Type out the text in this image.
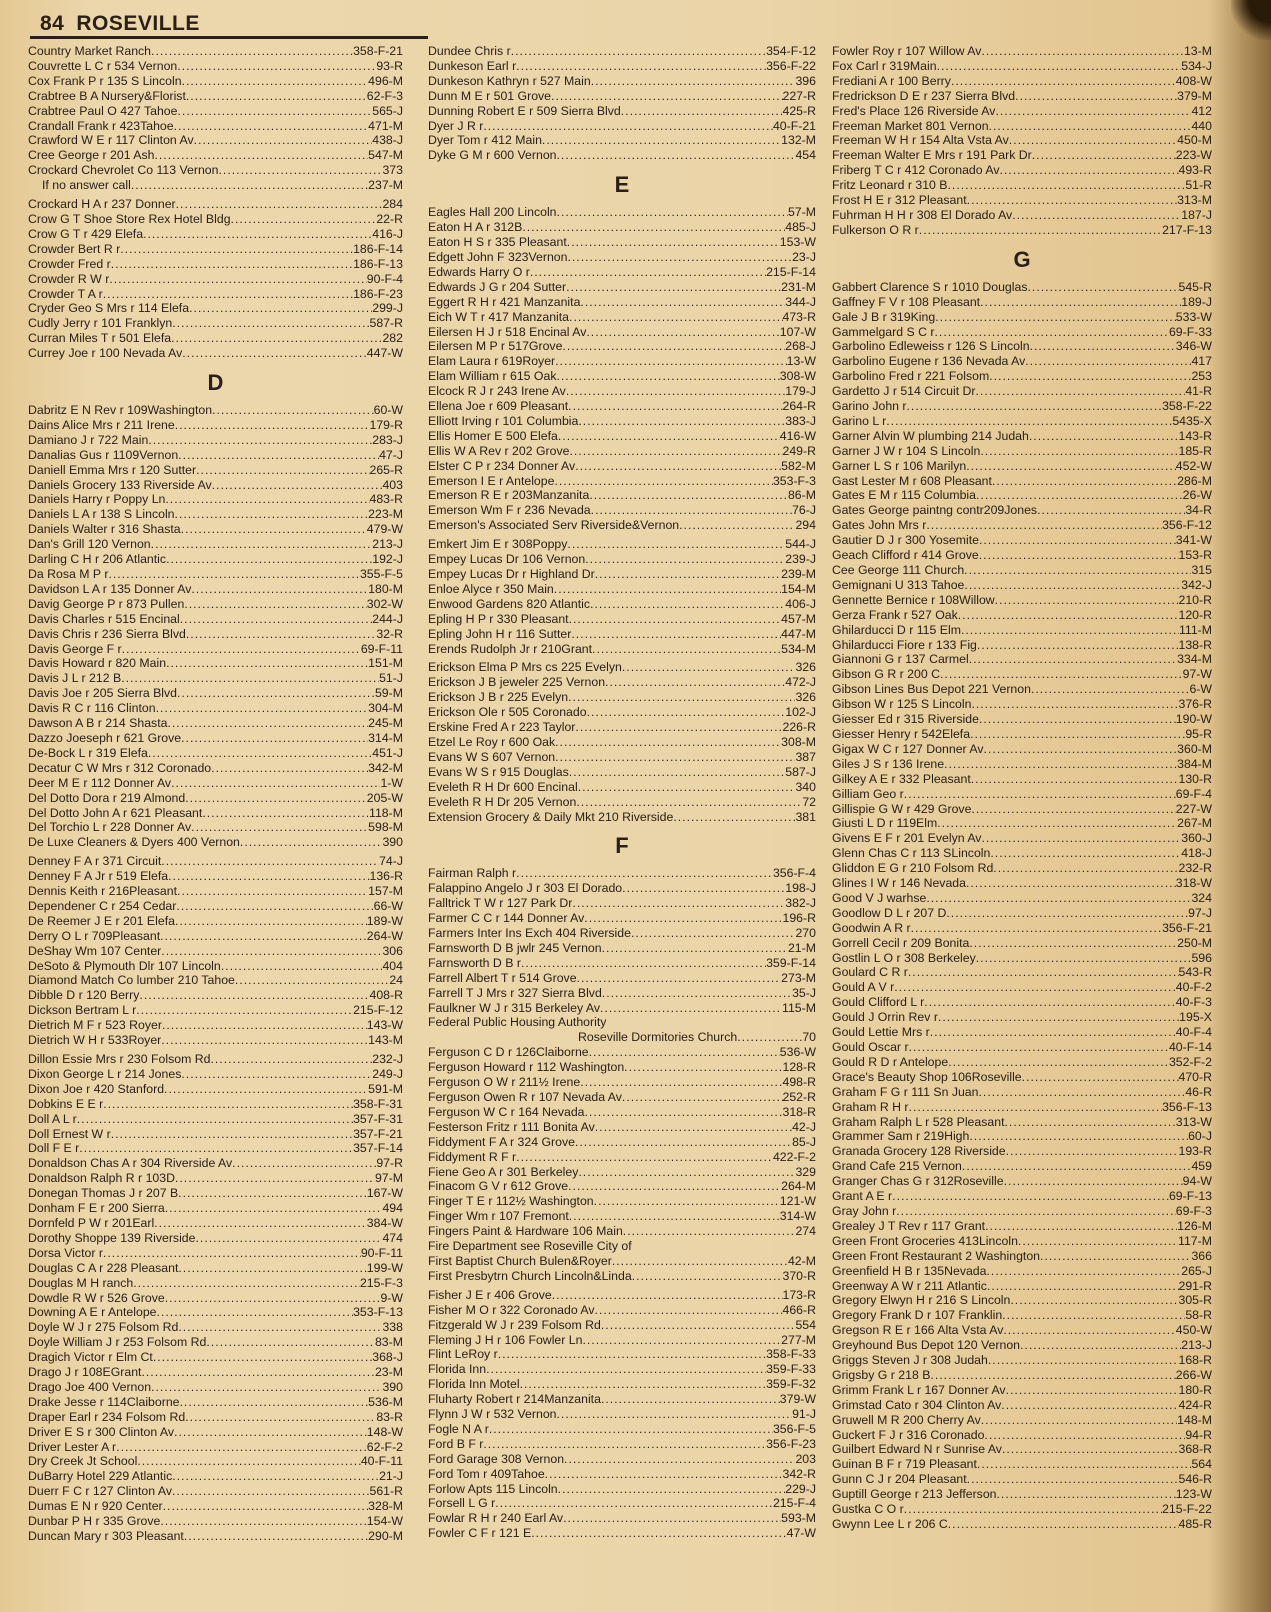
84 ROSEVILLE
Country Market Ranch .....	358-F-21
Couvrette L C r 534 Vernon .....	93-R
Cox Frank P r 135 S Lincoln .....	496-M
Crabtree B A Nursery&Florist .....	62-F-3
Crabtree Paul O 427 Tahoe .....	565-J
Crandall Frank r 423Tahoe .....	471-M
Crawford W E r 117 Clinton Av .....	438-J
Cree George r 201 Ash .....	547-M
Crockard Chevrolet Co 113 Vernon .....	373
If no answer call .....	237-M
Crockard H A r 237 Donner .....	284
Crow G T Shoe Store Rex Hotel Bldg .....	22-R
Crow G T r 429 Elefa .....	416-J
Crowder Bert R r .....	186-F-14
Crowder Fred r .....	186-F-13
Crowder R W r .....	90-F-4
Crowder T A r .....	186-F-23
Cryder Geo S Mrs r 114 Elefa .....	299-J
Cudly Jerry r 101 Franklyn .....	587-R
Curran Miles T r 501 Elefa .....	282
Currey Joe r 100 Nevada Av .....	447-W
D
Dabritz E N Rev r 109Washington .....	60-W
Dains Alice Mrs r 211 Irene .....	179-R
Damiano J r 722 Main .....	283-J
Danalias Gus r 1109Vernon .....	47-J
Daniell Emma Mrs r 120 Sutter .....	265-R
Daniels Grocery 133 Riverside Av .....	403
Daniels Harry r Poppy Ln .....	483-R
Daniels L A r 138 S Lincoln .....	223-M
Daniels Walter r 316 Shasta .....	479-W
Dan's Grill 120 Vernon .....	213-J
Darling C H r 206 Atlantic .....	192-J
Da Rosa M P r .....	355-F-5
Davidson L A r 135 Donner Av .....	180-M
Davig George P r 873 Pullen .....	302-W
Davis Charles r 515 Encinal .....	244-J
Davis Chris r 236 Sierra Blvd .....	32-R
Davis George F r .....	69-F-11
Davis Howard r 820 Main .....	151-M
Davis J L r 212 B .....	51-J
Davis Joe r 205 Sierra Blvd .....	59-M
Davis R C r 116 Clinton .....	304-M
Dawson A B r 214 Shasta .....	245-M
Dazzo Joeseph r 621 Grove .....	314-M
De-Bock L r 319 Elefa .....	451-J
Decatur C W Mrs r 312 Coronado .....	342-M
Deer M E r 112 Donner Av .....	1-W
Del Dotto Dora r 219 Almond .....	205-W
Del Dotto John A r 621 Pleasant .....	118-M
Del Torchio L r 228 Donner Av .....	598-M
De Luxe Cleaners & Dyers 400 Vernon .....	390
Denney F A r 371 Circuit .....	74-J
Denney F A Jr r 519 Elefa .....	136-R
Dennis Keith r 216Pleasant .....	157-M
Dependener C r 254 Cedar .....	66-W
De Reemer J E r 201 Elefa .....	189-W
Derry O L r 709Pleasant .....	264-W
DeShay Wm 107 Center .....	306
DeSoto & Plymouth Dlr 107 Lincoln .....	404
Diamond Match Co lumber 210 Tahoe .....	24
Dibble D r 120 Berry .....	408-R
Dickson Bertram L r .....	215-F-12
Dietrich M F r 523 Royer .....	143-W
Dietrich W H r 533Royer .....	143-M
Dillon Essie Mrs r 230 Folsom Rd .....	232-J
Dixon George L r 214 Jones .....	249-J
Dixon Joe r 420 Stanford .....	591-M
Dobkins E E r .....	358-F-31
Doll A L r .....	357-F-31
Doll Ernest W r .....	357-F-21
Doll F E r .....	357-F-14
Donaldson Chas A r 304 Riverside Av .....	97-R
Donaldson Ralph R r 103D .....	97-M
Donegan Thomas J r 207 B .....	167-W
Donham F E r 200 Sierra .....	494
Dornfeld P W r 201Earl .....	384-W
Dorothy Shoppe 139 Riverside .....	474
Dorsa Victor r .....	90-F-11
Douglas C A r 228 Pleasant .....	199-W
Douglas M H ranch .....	215-F-3
Dowdle R W r 526 Grove .....	9-W
Downing A E r Antelope .....	353-F-13
Doyle W J r 275 Folsom Rd .....	338
Doyle William J r 253 Folsom Rd .....	83-M
Dragich Victor r Elm Ct .....	368-J
Drago J r 108EGrant .....	23-M
Drago Joe 400 Vernon .....	390
Drake Jesse r 114Claiborne .....	536-M
Draper Earl r 234 Folsom Rd .....	83-R
Driver E S r 300 Clinton Av .....	148-W
Driver Lester A r .....	62-F-2
Dry Creek Jt School .....	40-F-11
DuBarry Hotel 229 Atlantic .....	21-J
Duerr F C r 127 Clinton Av .....	561-R
Dumas E N r 920 Center .....	328-M
Dunbar P H r 335 Grove .....	154-W
Duncan Mary r 303 Pleasant .....	290-M
Dundee Chris r .....	354-F-12
Dunkeson Earl r .....	356-F-22
Dunkeson Kathryn r 527 Main .....	396
Dunn M E r 501 Grove .....	227-R
Dunning Robert E r 509 Sierra Blvd .....	425-R
Dyer J R r .....	40-F-21
Dyer Tom r 412 Main .....	132-M
Dyke G M r 600 Vernon .....	454
E
Eagles Hall 200 Lincoln .....	57-M
Eaton H A r 312B .....	485-J
Eaton H S r 335 Pleasant .....	153-W
Edgett John F 323Vernon .....	23-J
Edwards Harry O r .....	215-F-14
Edwards J G r 204 Sutter .....	231-M
Eggert R H r 421 Manzanita .....	344-J
Eich W T r 417 Manzanita .....	473-R
Eilersen H J r 518 Encinal Av .....	107-W
Eilersen M P r 517Grove .....	268-J
Elam Laura r 619Royer .....	13-W
Elam William r 615 Oak .....	308-W
Elcock R J r 243 Irene Av .....	179-J
Ellena Joe r 609 Pleasant .....	264-R
Elliott Irving r 101 Columbia .....	383-J
Ellis Homer E 500 Elefa .....	416-W
Ellis W A Rev r 202 Grove .....	249-R
Elster C P r 234 Donner Av .....	582-M
Emerson I E r Antelope .....	353-F-3
Emerson R E r 203Manzanita .....	86-M
Emerson Wm F r 236 Nevada .....	76-J
Emerson's Associated Serv Riverside&Vernon .....	294
Emkert Jim E r 308Poppy .....	544-J
Empey Lucas Dr 106 Vernon .....	239-J
Empey Lucas Dr r Highland Dr .....	239-M
Enloe Alyce r 350 Main .....	154-M
Enwood Gardens 820 Atlantic .....	406-J
Epling H P r 330 Pleasant .....	457-M
Epling John H r 116 Sutter .....	447-M
Erends Rudolph Jr r 210Grant .....	534-M
Erickson Elma P Mrs cs 225 Evelyn .....	326
Erickson J B jeweler 225 Vernon .....	472-J
Erickson J B r 225 Evelyn .....	326
Erickson Ole r 505 Coronado .....	102-J
Erskine Fred A r 223 Taylor .....	226-R
Etzel Le Roy r 600 Oak .....	308-M
Evans W S 607 Vernon .....	387
Evans W S r 915 Douglas .....	587-J
Eveleth R H Dr 600 Encinal .....	340
Eveleth R H Dr 205 Vernon .....	72
Extension Grocery & Daily Mkt 210 Riverside .....	381
F
Fairman Ralph r .....	356-F-4
Falappino Angelo J r 303 El Dorado .....	198-J
Falltrick T W r 127 Park Dr .....	382-J
Farmer C C r 144 Donner Av .....	196-R
Farmers Inter Ins Exch 404 Riverside .....	270
Farnsworth D B jwlr 245 Vernon .....	21-M
Farnsworth D B r .....	359-F-14
Farrell Albert T r 514 Grove .....	273-M
Farrell T J Mrs r 327 Sierra Blvd .....	35-J
Faulkner W J r 315 Berkeley Av .....	115-M
Federal Public Housing Authority
Roseville Dormitories Church .....	70
Ferguson C D r 126Claiborne .....	536-W
Ferguson Howard r 112 Washington .....	128-R
Ferguson O W r 211½ Irene .....	498-R
Ferguson Owen R r 107 Nevada Av .....	252-R
Ferguson W C r 164 Nevada .....	318-R
Festerson Fritz r 111 Bonita Av .....	42-J
Fiddyment F A r 324 Grove .....	85-J
Fiddyment R F r .....	422-F-2
Fiene Geo A r 301 Berkeley .....	329
Finacom G V r 612 Grove .....	264-M
Finger T E r 112½ Washington .....	121-W
Finger Wm r 107 Fremont .....	314-W
Fingers Paint & Hardware 106 Main .....	274
Fire Department see Roseville City of
First Baptist Church Bulen&Royer .....	42-M
First Presbytrn Church Lincoln&Linda .....	370-R
Fisher J E r 406 Grove .....	173-R
Fisher M O r 322 Coronado Av .....	466-R
Fitzgerald W J r 239 Folsom Rd .....	554
Fleming J H r 106 Fowler Ln .....	277-M
Flint LeRoy r .....	358-F-33
Florida Inn .....	359-F-33
Florida Inn Motel .....	359-F-32
Fluharty Robert r 214Manzanita .....	379-W
Flynn J W r 532 Vernon .....	91-J
Fogle N A r .....	356-F-5
Ford B F r .....	356-F-23
Ford Garage 308 Vernon .....	203
Ford Tom r 409Tahoe .....	342-R
Forlow Apts 115 Lincoln .....	229-J
Forsell L G r .....	215-F-4
Fowlar R H r 240 Earl Av .....	593-M
Fowler C F r 121 E .....	47-W
Fowler Roy r 107 Willow Av .....	13-M
Fox Carl r 319Main .....	534-J
Frediani A r 100 Berry .....	408-W
Fredrickson D E r 237 Sierra Blvd .....	379-M
Fred's Place 126 Riverside Av .....	412
Freeman Market 801 Vernon .....	440
Freeman W H r 154 Alta Vsta Av .....	450-M
Freeman Walter E Mrs r 191 Park Dr .....	223-W
Friberg T C r 412 Coronado Av .....	493-R
Fritz Leonard r 310 B .....	51-R
Frost H E r 312 Pleasant .....	313-M
Fuhrman H H r 308 El Dorado Av .....	187-J
Fulkerson O R r .....	217-F-13
G
Gabbert Clarence S r 1010 Douglas .....	545-R
Gaffney F V r 108 Pleasant .....	189-J
Gale J B r 319King .....	533-W
Gammelgard S C r .....	69-F-33
Garbolino Edleweiss r 126 S Lincoln .....	346-W
Garbolino Eugene r 136 Nevada Av .....	417
Garbolino Fred r 221 Folsom .....	253
Gardetto J r 514 Circuit Dr .....	41-R
Garino John r .....	358-F-22
Garino L r .....	5435-X
Garner Alvin W plumbing 214 Judah .....	143-R
Garner J W r 104 S Lincoln .....	185-R
Garner L S r 106 Marilyn .....	452-W
Gast Lester M r 608 Pleasant .....	286-M
Gates E M r 115 Columbia .....	26-W
Gates George paintng contr209Jones .....	34-R
Gates John Mrs r .....	356-F-12
Gautier D J r 300 Yosemite .....	341-W
Geach Clifford r 414 Grove .....	153-R
Cee George 111 Church .....	315
Gemignani U 313 Tahoe .....	342-J
Gennette Bernice r 108Willow .....	210-R
Gerza Frank r 527 Oak .....	120-R
Ghilarducci D r 115 Elm .....	111-M
Ghilarducci Fiore r 133 Fig .....	138-R
Giannoni G r 137 Carmel .....	334-M
Gibson G R r 200 C .....	97-W
Gibson Lines Bus Depot 221 Vernon .....	6-W
Gibson W r 125 S Lincoln .....	376-R
Giesser Ed r 315 Riverside .....	190-W
Giesser Henry r 542Elefa .....	95-R
Gigax W C r 127 Donner Av .....	360-M
Giles J S r 136 Irene .....	384-M
Gilkey A E r 332 Pleasant .....	130-R
Gilliam Geo r .....	69-F-4
Gillispie G W r 429 Grove .....	227-W
Giusti L D r 119Elm .....	267-M
Givens E F r 201 Evelyn Av .....	360-J
Glenn Chas C r 113 SLincoln .....	418-J
Gliddon E G r 210 Folsom Rd .....	232-R
Glines I W r 146 Nevada .....	318-W
Good V J warhse .....	324
Goodlow D L r 207 D .....	97-J
Goodwin A R r .....	356-F-21
Gorrell Cecil r 209 Bonita .....	250-M
Gostlin L O r 308 Berkeley .....	596
Goulard C R r .....	543-R
Gould A V r .....	40-F-2
Gould Clifford L r .....	40-F-3
Gould J Orrin Rev r .....	195-X
Gould Lettie Mrs r .....	40-F-4
Gould Oscar r .....	40-F-14
Gould R D r Antelope .....	352-F-2
Grace's Beauty Shop 106Roseville .....	470-R
Graham F G r 111 Sn Juan .....	46-R
Graham R H r .....	356-F-13
Graham Ralph L r 528 Pleasant .....	313-W
Grammer Sam r 219High .....	60-J
Granada Grocery 128 Riverside .....	193-R
Grand Cafe 215 Vernon .....	459
Granger Chas G r 312Roseville .....	94-W
Grant A E r .....	69-F-13
Gray John r .....	69-F-3
Grealey J T Rev r 117 Grant .....	126-M
Green Front Groceries 413Lincoln .....	117-M
Green Front Restaurant 2 Washington .....	366
Greenfield H B r 135Nevada .....	265-J
Greenway A W r 211 Atlantic .....	291-R
Gregory Elwyn H r 216 S Lincoln .....	305-R
Gregory Frank D r 107 Franklin .....	58-R
Gregson R E r 166 Alta Vsta Av .....	450-W
Greyhound Bus Depot 120 Vernon .....	213-J
Griggs Steven J r 308 Judah .....	168-R
Grigsby G r 218 B .....	266-W
Grimm Frank L r 167 Donner Av .....	180-R
Grimstad Cato r 304 Clinton Av .....	424-R
Gruwell M R 200 Cherry Av .....	148-M
Guckert F J r 316 Coronado .....	94-R
Guilbert Edward N r Sunrise Av .....	368-R
Guinan B F r 719 Pleasant .....	564
Gunn C J r 204 Pleasant .....	546-R
Guptill George r 213 Jefferson .....	123-W
Gustka C O r .....	215-F-22
Gwynn Lee L r 206 C .....	485-R
